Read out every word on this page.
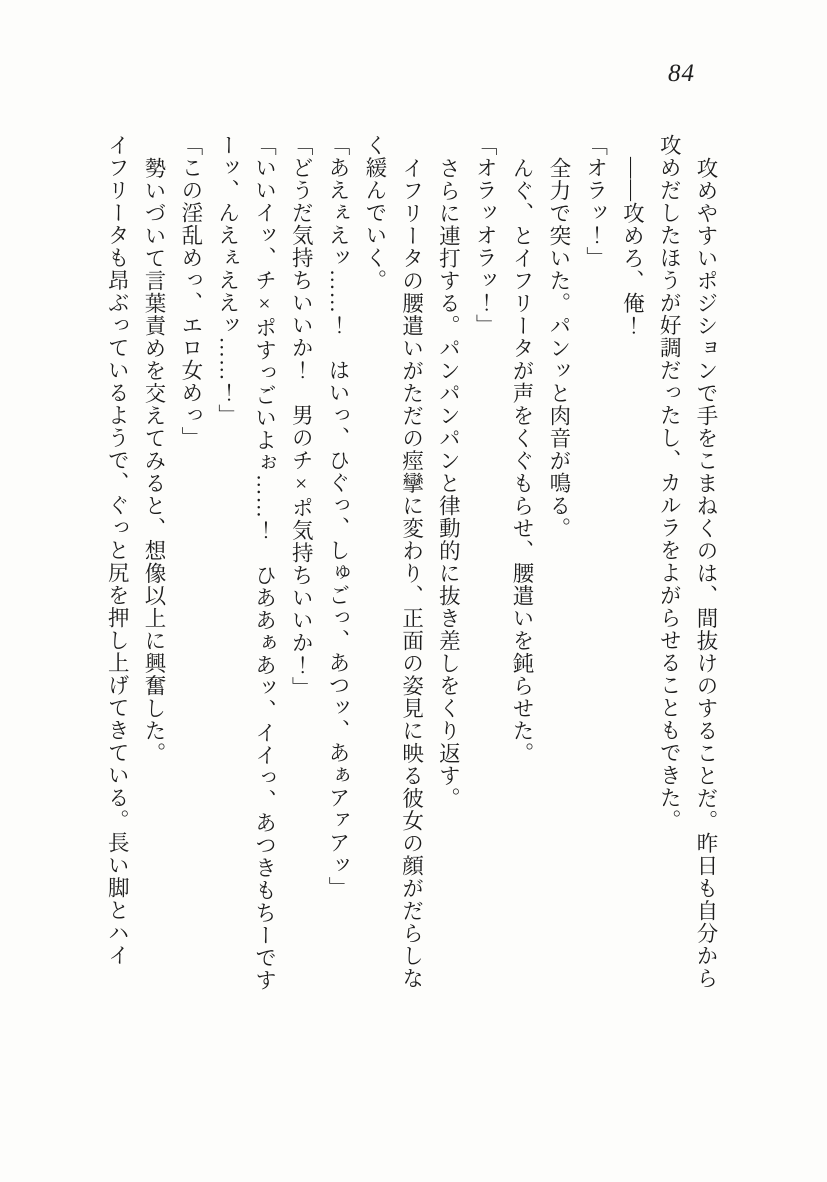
84
攻めやすいポジションで手をこまねくのは、間抜けのすることだ。昨日も自分から
攻めだしたほうが好調だったし、カルラをよがらせることもできた。
――攻めろ、俺！
「オラッ！」
全力で突いた。パンッと肉音が鳴る。
んぐ、とイフリータが声をくぐもらせ、腰遣いを鈍らせた。
「オラッオラッ！」
さらに連打する。パンパンパンと律動的に抜き差しをくり返す。
イフリータの腰遣いがただの痙攣に変わり、正面の姿見に映る彼女の顔がだらしな
く緩んでいく。
「あえぇえッ……！　はいっ、ひぐっ、しゅごっ、あつッ、あぁアァアッ」
「どうだ気持ちいいか！　男のチ×ポ気持ちいいか！」
「いいイッ、チ×ポすっごいよぉ……！　ひああぁあッ、イイっ、あつきもちーです
ーッ、んえぇええッ……！」
「この淫乱めっ、エロ女めっ」
勢いづいて言葉責めを交えてみると、想像以上に興奮した。
イフリータも昂ぶっているようで、ぐっと尻を押し上げてきている。長い脚とハイ
